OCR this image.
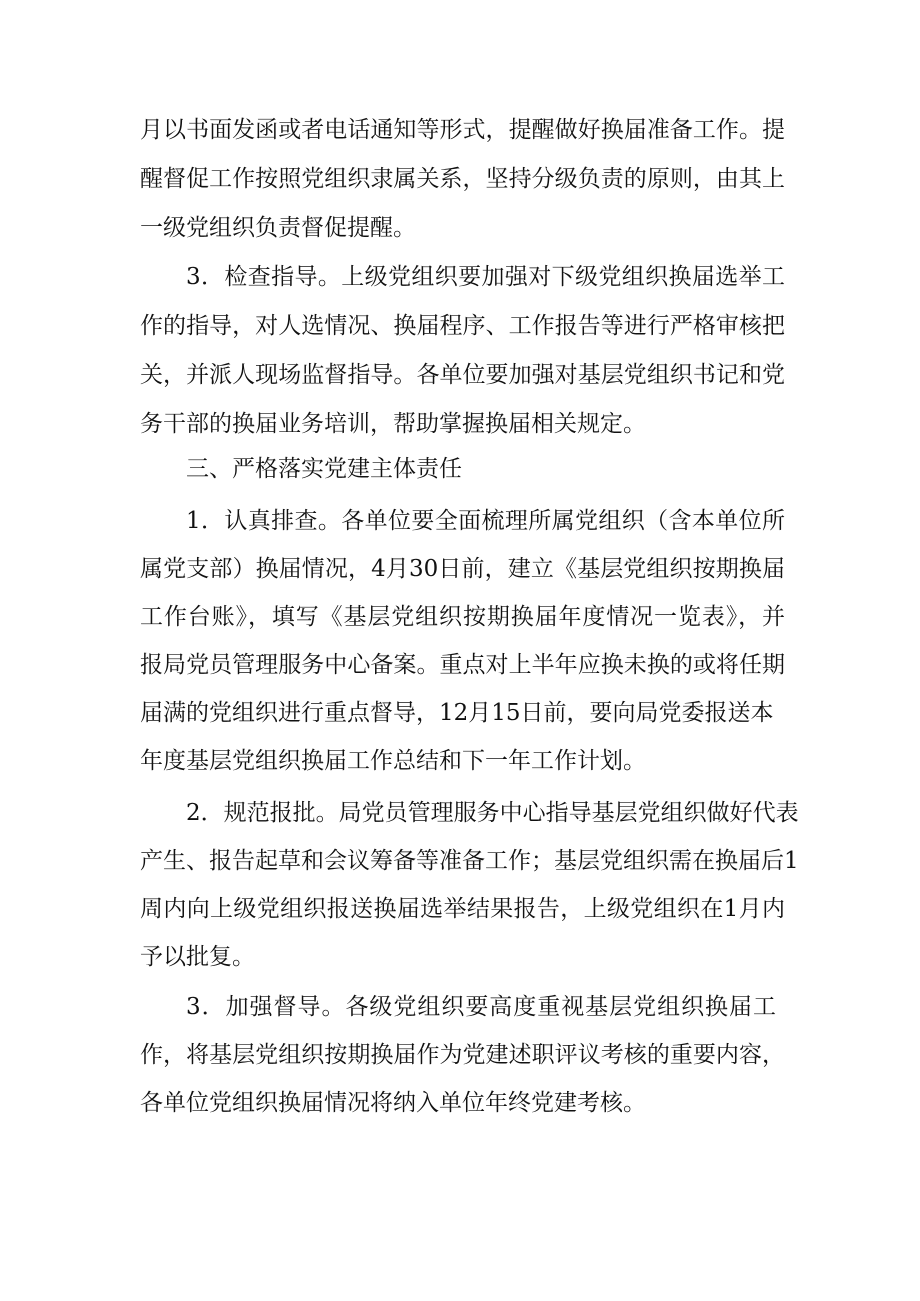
月以书面发函或者电话通知等形式，提醒做好换届准备工作。提

醒督促工作按照党组织隶属关系，坚持分级负责的原则，由其上

一级党组织负责督促提醒。

3．检查指导。上级党组织要加强对下级党组织换届选举工

作的指导，对人选情况、换届程序、工作报告等进行严格审核把

关，并派人现场监督指导。各单位要加强对基层党组织书记和党

务干部的换届业务培训，帮助掌握换届相关规定。

三、严格落实党建主体责任

1．认真排查。各单位要全面梳理所属党组织（含本单位所

属党支部）换届情况，4月30日前，建立《基层党组织按期换届

工作台账》，填写《基层党组织按期换届年度情况一览表》，并

报局党员管理服务中心备案。重点对上半年应换未换的或将任期

届满的党组织进行重点督导，12月15日前，要向局党委报送本

年度基层党组织换届工作总结和下一年工作计划。

2．规范报批。局党员管理服务中心指导基层党组织做好代表

产生、报告起草和会议筹备等准备工作；基层党组织需在换届后1

周内向上级党组织报送换届选举结果报告，上级党组织在1月内

予以批复。

3．加强督导。各级党组织要高度重视基层党组织换届工

作，将基层党组织按期换届作为党建述职评议考核的重要内容，

各单位党组织换届情况将纳入单位年终党建考核。
